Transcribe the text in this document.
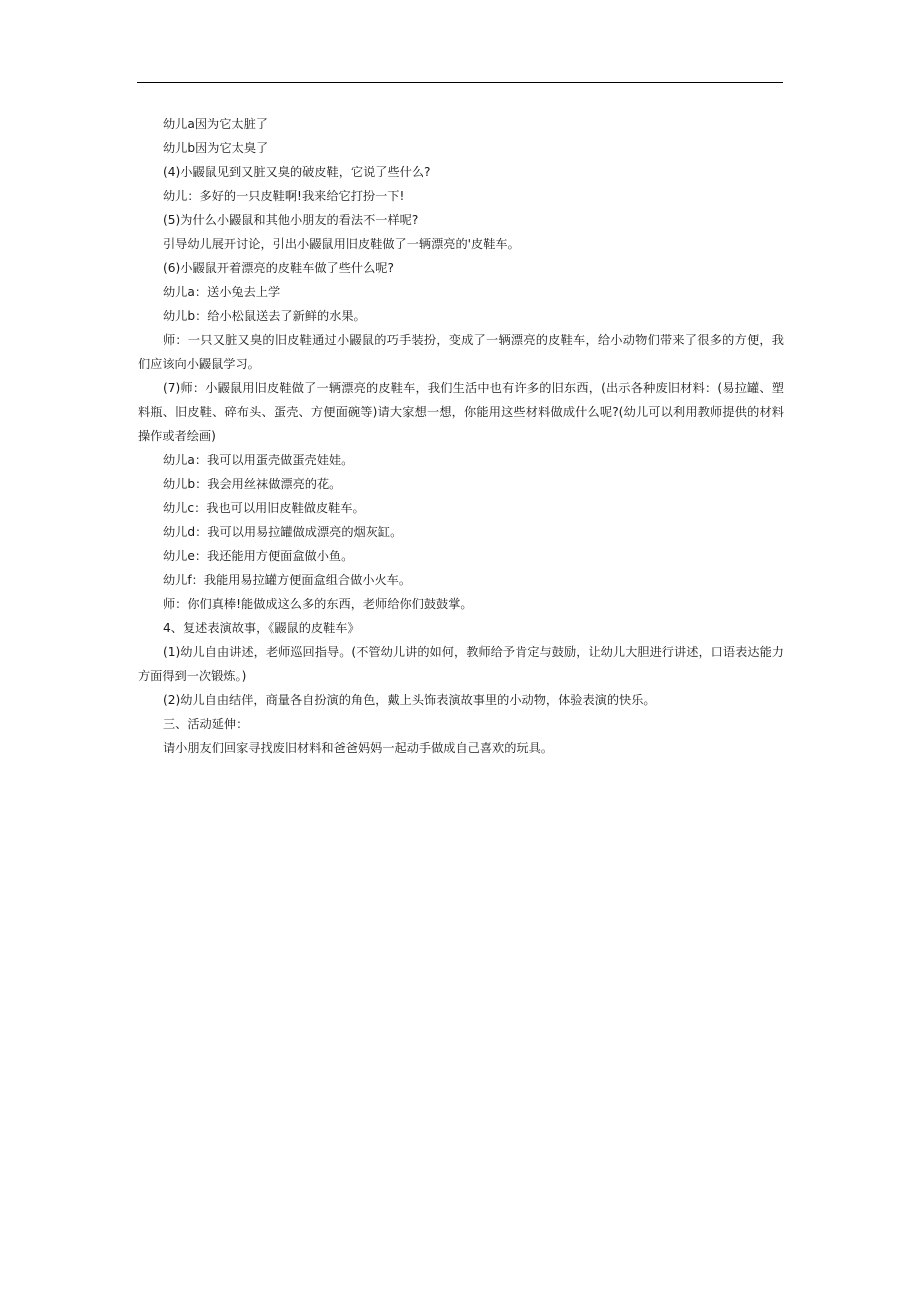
幼儿a因为它太脏了

幼儿b因为它太臭了

(4)小鼹鼠见到又脏又臭的破皮鞋，它说了些什么?

幼儿：多好的一只皮鞋啊!我来给它打扮一下!

(5)为什么小鼹鼠和其他小朋友的看法不一样呢?

引导幼儿展开讨论，引出小鼹鼠用旧皮鞋做了一辆漂亮的'皮鞋车。

(6)小鼹鼠开着漂亮的皮鞋车做了些什么呢?

幼儿a：送小兔去上学

幼儿b：给小松鼠送去了新鲜的水果。

师：一只又脏又臭的旧皮鞋通过小鼹鼠的巧手装扮，变成了一辆漂亮的皮鞋车，给小动物们带来了很多的方便，我们应该向小鼹鼠学习。

(7)师：小鼹鼠用旧皮鞋做了一辆漂亮的皮鞋车，我们生活中也有许多的旧东西，(出示各种废旧材料：(易拉罐、塑料瓶、旧皮鞋、碎布头、蛋壳、方便面碗等)请大家想一想，你能用这些材料做成什么呢?(幼儿可以利用教师提供的材料操作或者绘画)

幼儿a：我可以用蛋壳做蛋壳娃娃。

幼儿b：我会用丝袜做漂亮的花。

幼儿c：我也可以用旧皮鞋做皮鞋车。

幼儿d：我可以用易拉罐做成漂亮的烟灰缸。

幼儿e：我还能用方便面盒做小鱼。

幼儿f：我能用易拉罐方便面盒组合做小火车。

师：你们真棒!能做成这么多的东西，老师给你们鼓鼓掌。

4、复述表演故事，《鼹鼠的皮鞋车》

(1)幼儿自由讲述，老师巡回指导。(不管幼儿讲的如何，教师给予肯定与鼓励，让幼儿大胆进行讲述，口语表达能力方面得到一次锻炼。)

(2)幼儿自由结伴，商量各自扮演的角色，戴上头饰表演故事里的小动物，体验表演的快乐。

三、活动延伸：

请小朋友们回家寻找废旧材料和爸爸妈妈一起动手做成自己喜欢的玩具。
